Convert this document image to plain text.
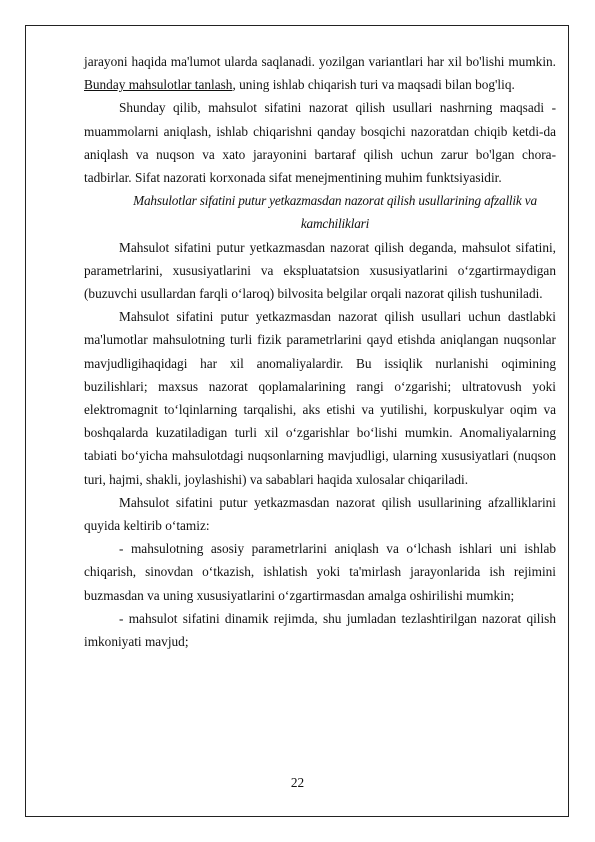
jarayoni haqida ma'lumot ularda saqlanadi. yozilgan variantlari har xil bo'lishi mumkin. Bunday mahsulotlar tanlash, uning ishlab chiqarish turi va maqsadi bilan bog'liq.

Shunday qilib, mahsulot sifatini nazorat qilish usullari nashrning maqsadi - muammolarni aniqlash, ishlab chiqarishni qanday bosqichi nazoratdan chiqib ketdi-da aniqlash va nuqson va xato jarayonini bartaraf qilish uchun zarur bo'lgan chora-tadbirlar. Sifat nazorati korxonada sifat menejmentining muhim funktsiyasidir.

Mahsulotlar sifatini putur yetkazmasdan nazorat qilish usullarining afzallik va kamchiliklari

Mahsulot sifatini putur yetkazmasdan nazorat qilish deganda, mahsulot sifatini, parametrlarini, xususiyatlarini va ekspluatatsion xususiyatlarini o‘zgartirmaydigan (buzuvchi usullardan farqli o‘laroq) bilvosita belgilar orqali nazorat qilish tushuniladi.

Mahsulot sifatini putur yetkazmasdan nazorat qilish usullari uchun dastlabki ma'lumotlar mahsulotning turli fizik parametrlarini qayd etishda aniqlangan nuqsonlar mavjudligihaqidagi har xil anomaliyalardir. Bu issiqlik nurlanishi oqimining buzilishlari; maxsus nazorat qoplamalarining rangi o‘zgarishi; ultratovush yoki elektromagnit to‘lqinlarning tarqalishi, aks etishi va yutilishi, korpuskulyar oqim va boshqalarda kuzatiladigan turli xil o‘zgarishlar bo‘lishi mumkin. Anomaliyalarning tabiati bo‘yicha mahsulotdagi nuqsonlarning mavjudligi, ularning xususiyatlari (nuqson turi, hajmi, shakli, joylashishi) va sabablari haqida xulosalar chiqariladi.

Mahsulot sifatini putur yetkazmasdan nazorat qilish usullarining afzalliklarini quyida keltirib o‘tamiz:

- mahsulotning asosiy parametrlarini aniqlash va o‘lchash ishlari uni ishlab chiqarish, sinovdan o‘tkazish, ishlatish yoki ta'mirlash jarayonlarida ish rejimini buzmasdan va uning xususiyatlarini o‘zgartirmasdan amalga oshirilishi mumkin;

- mahsulot sifatini dinamik rejimda, shu jumladan tezlashtirilgan nazorat qilish imkoniyati mavjud;

22
